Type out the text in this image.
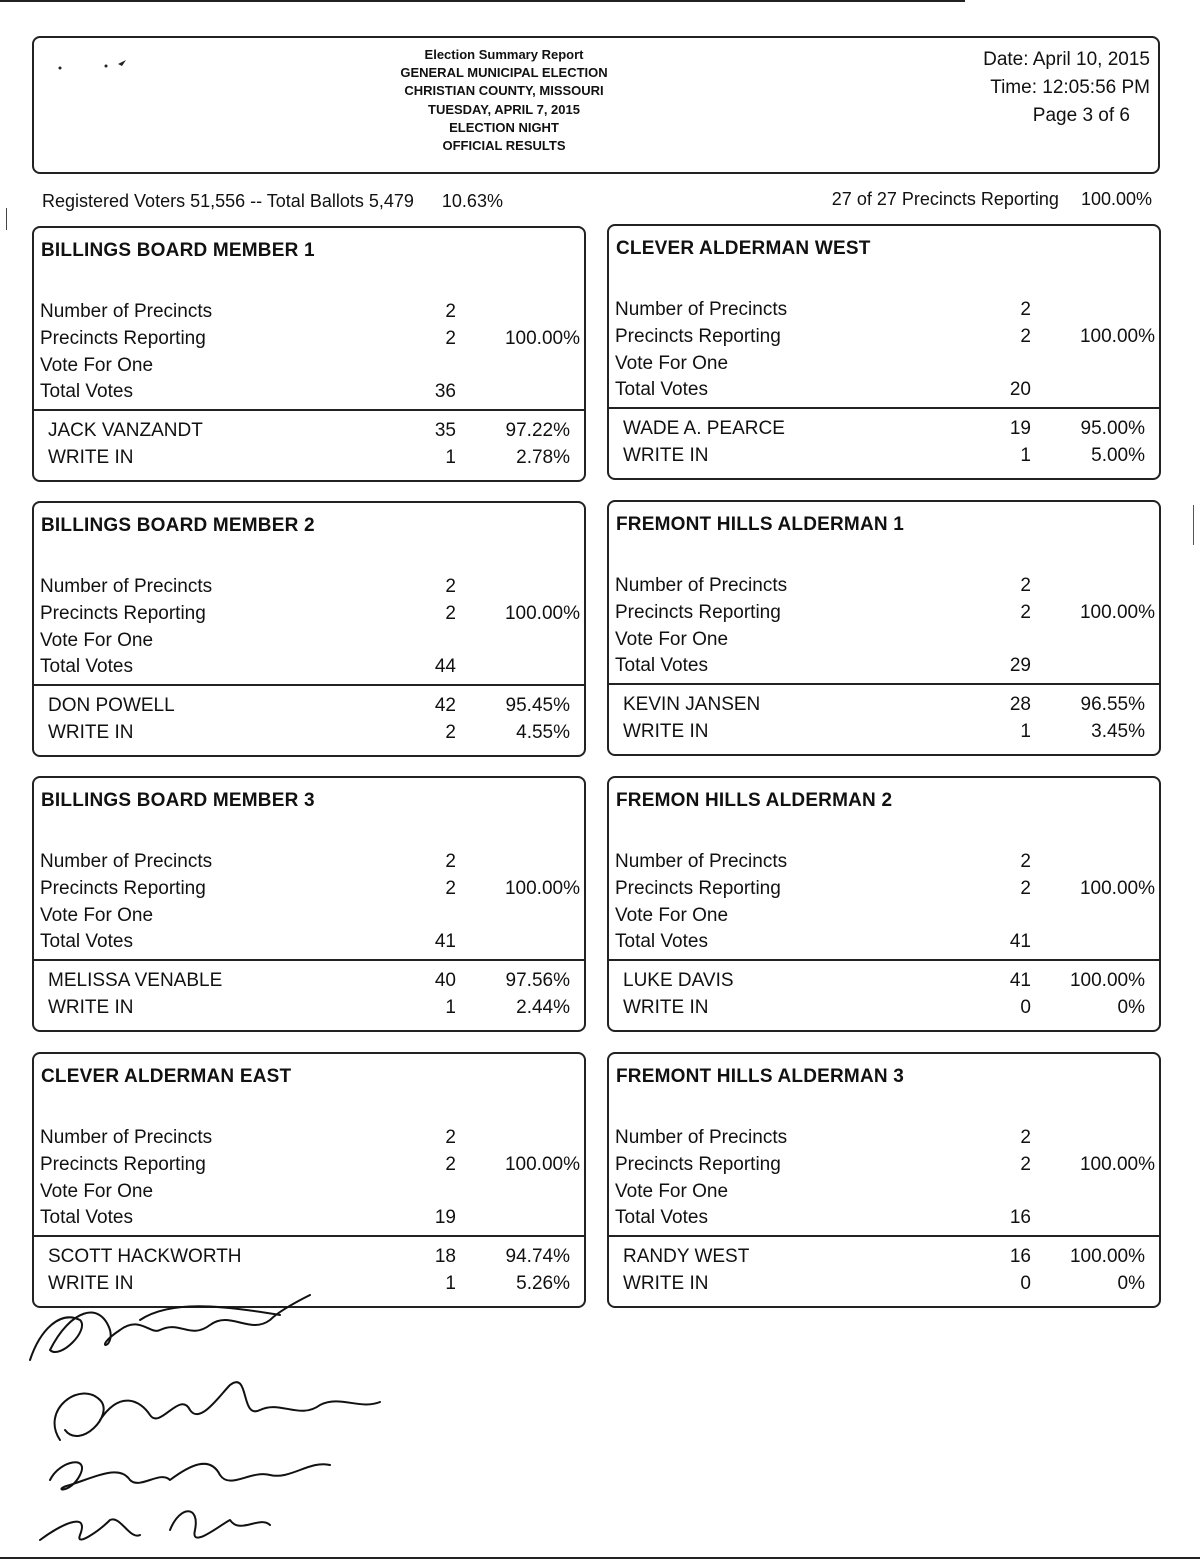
Election Summary Report
GENERAL MUNICIPAL ELECTION
CHRISTIAN COUNTY, MISSOURI
TUESDAY, APRIL 7, 2015
ELECTION NIGHT
OFFICIAL RESULTS
Date: April 10, 2015
Time: 12:05:56 PM
Page 3 of 6
Registered Voters 51,556 -- Total Ballots 5,479 10.63%	27 of 27 Precincts Reporting 100.00%
BILLINGS BOARD MEMBER 1
Number of Precincts	2
Precincts Reporting	2	100.00%
Vote For One
Total Votes	36
JACK VANZANDT	35	97.22%
WRITE IN	1	2.78%
CLEVER ALDERMAN WEST
Number of Precincts	2
Precincts Reporting	2	100.00%
Vote For One
Total Votes	20
WADE A. PEARCE	19	95.00%
WRITE IN	1	5.00%
BILLINGS BOARD MEMBER 2
Number of Precincts	2
Precincts Reporting	2	100.00%
Vote For One
Total Votes	44
DON POWELL	42	95.45%
WRITE IN	2	4.55%
FREMONT HILLS ALDERMAN 1
Number of Precincts	2
Precincts Reporting	2	100.00%
Vote For One
Total Votes	29
KEVIN JANSEN	28	96.55%
WRITE IN	1	3.45%
BILLINGS BOARD MEMBER 3
Number of Precincts	2
Precincts Reporting	2	100.00%
Vote For One
Total Votes	41
MELISSA VENABLE	40	97.56%
WRITE IN	1	2.44%
FREMON HILLS ALDERMAN 2
Number of Precincts	2
Precincts Reporting	2	100.00%
Vote For One
Total Votes	41
LUKE DAVIS	41 100.00%
WRITE IN	0	0%
CLEVER ALDERMAN EAST
Number of Precincts	2
Precincts Reporting	2	100.00%
Vote For One
Total Votes	19
SCOTT HACKWORTH	18	94.74%
WRITE IN	1	5.26%
FREMONT HILLS ALDERMAN 3
Number of Precincts	2
Precincts Reporting	2	100.00%
Vote For One
Total Votes	16
RANDY WEST	16 100.00%
WRITE IN	0	0%
